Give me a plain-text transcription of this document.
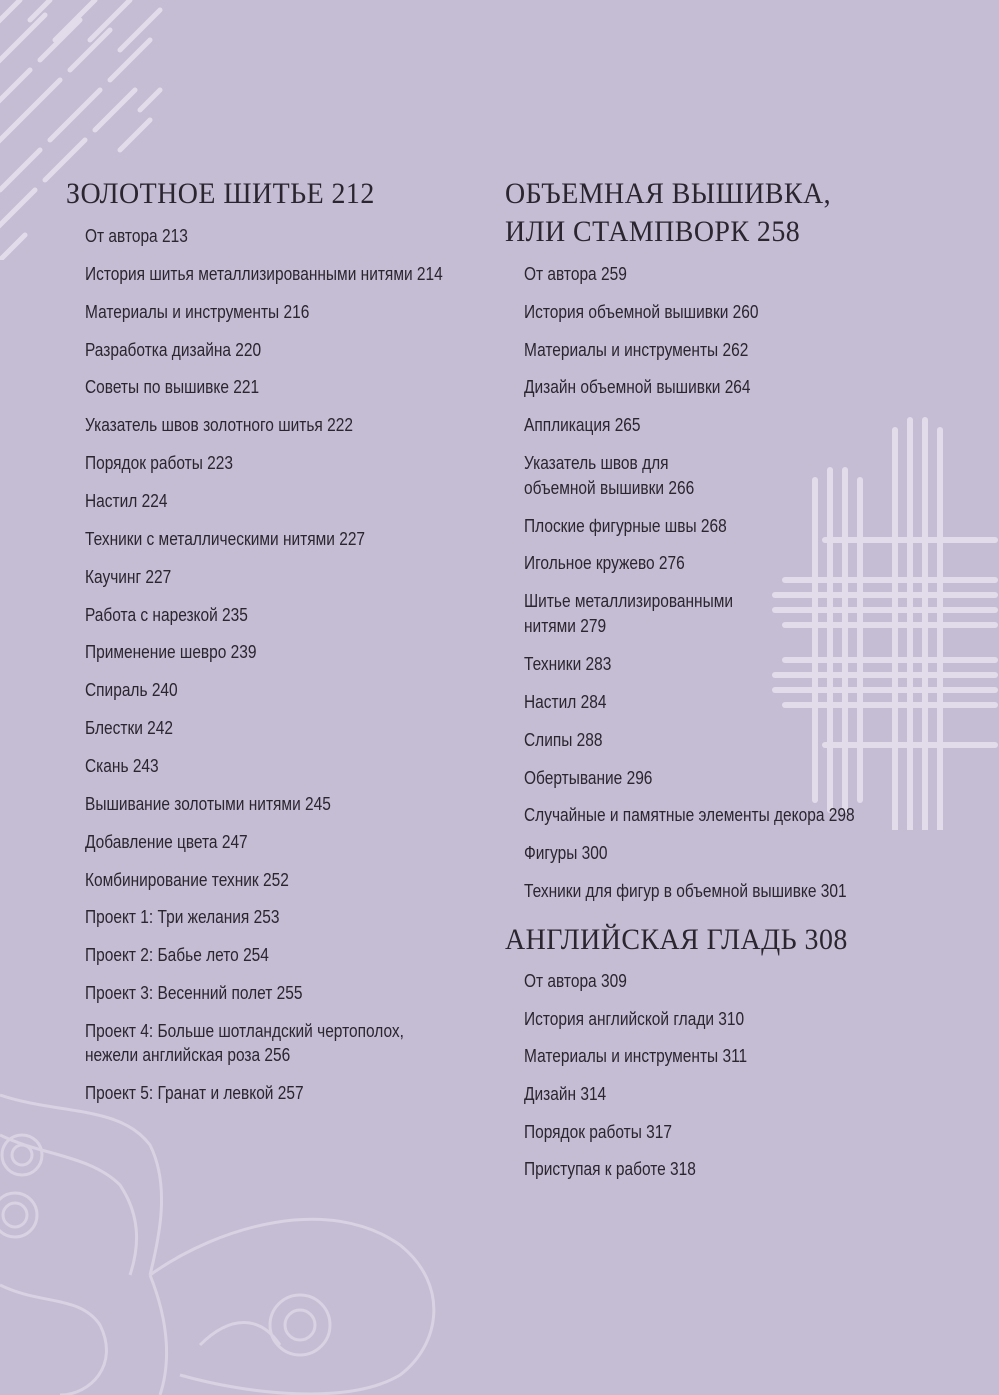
ЗОЛОТНОЕ ШИТЬЕ 212
От автора 213
История шитья металлизированными нитями 214
Материалы и инструменты 216
Разработка дизайна 220
Советы по вышивке 221
Указатель швов золотного шитья 222
Порядок работы 223
Настил 224
Техники с металлическими нитями 227
Каучинг 227
Работа с нарезкой 235
Применение шевро 239
Спираль 240
Блестки 242
Скань 243
Вышивание золотыми нитями 245
Добавление цвета 247
Комбинирование техник 252
Проект 1: Три желания 253
Проект 2: Бабье лето 254
Проект 3: Весенний полет 255
Проект 4: Больше шотландский чертополох,
нежели английская роза 256
Проект 5: Гранат и левкой 257
ОБЪЕМНАЯ ВЫШИВКА,
ИЛИ СТАМПВОРК 258
От автора 259
История объемной вышивки 260
Материалы и инструменты 262
Дизайн объемной вышивки 264
Аппликация 265
Указатель швов для
объемной вышивки 266
Плоские фигурные швы 268
Игольное кружево 276
Шитье металлизированными
нитями 279
Техники 283
Настил 284
Слипы 288
Обертывание 296
Случайные и памятные элементы декора 298
Фигуры 300
Техники для фигур в объемной вышивке 301
АНГЛИЙСКАЯ ГЛАДЬ 308
От автора 309
История английской глади 310
Материалы и инструменты 311
Дизайн 314
Порядок работы 317
Приступая к работе 318
